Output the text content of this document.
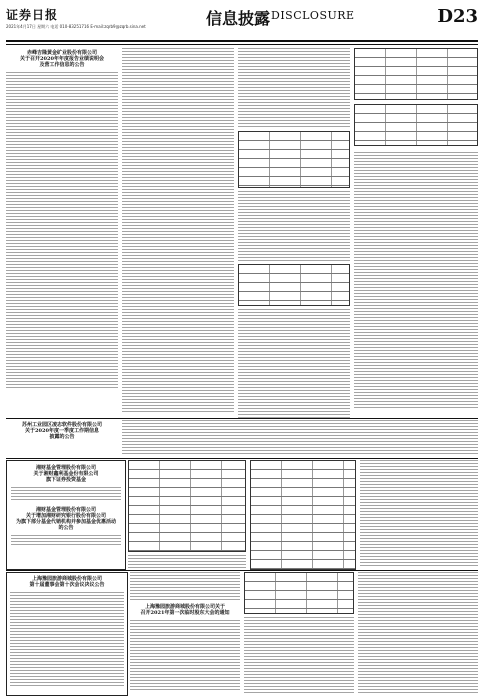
证券日报
2021年4月17日 星期六 电话 010-83251716 E-mail:zqrb9@zqrb.sina.net	信息披露 DISCLOSURE	D23
赤峰吉隆黄金矿业股份有限公司
关于召开2020年年度报告业绩说明会
及营工作信息的公告
苏州工业园区凌志软件股份有限公司
关于2020年度一季度工作期信息
披露的公告
湘财基金管理股份有限公司
关于湘财鑫利基金份有限公司
旗下证券投资基金
湘财基金管理股份有限公司
关于增加湘财研究银行股份有限公司
为旗下部分基金代销机构并参加基金优惠活动
的公告
上海豫园旅游商城股份有限公司
第十届董事会第十次会议决议公告
上海豫园旅游商城股份有限公司关于
召开2021年第一次临时股东大会的通知
